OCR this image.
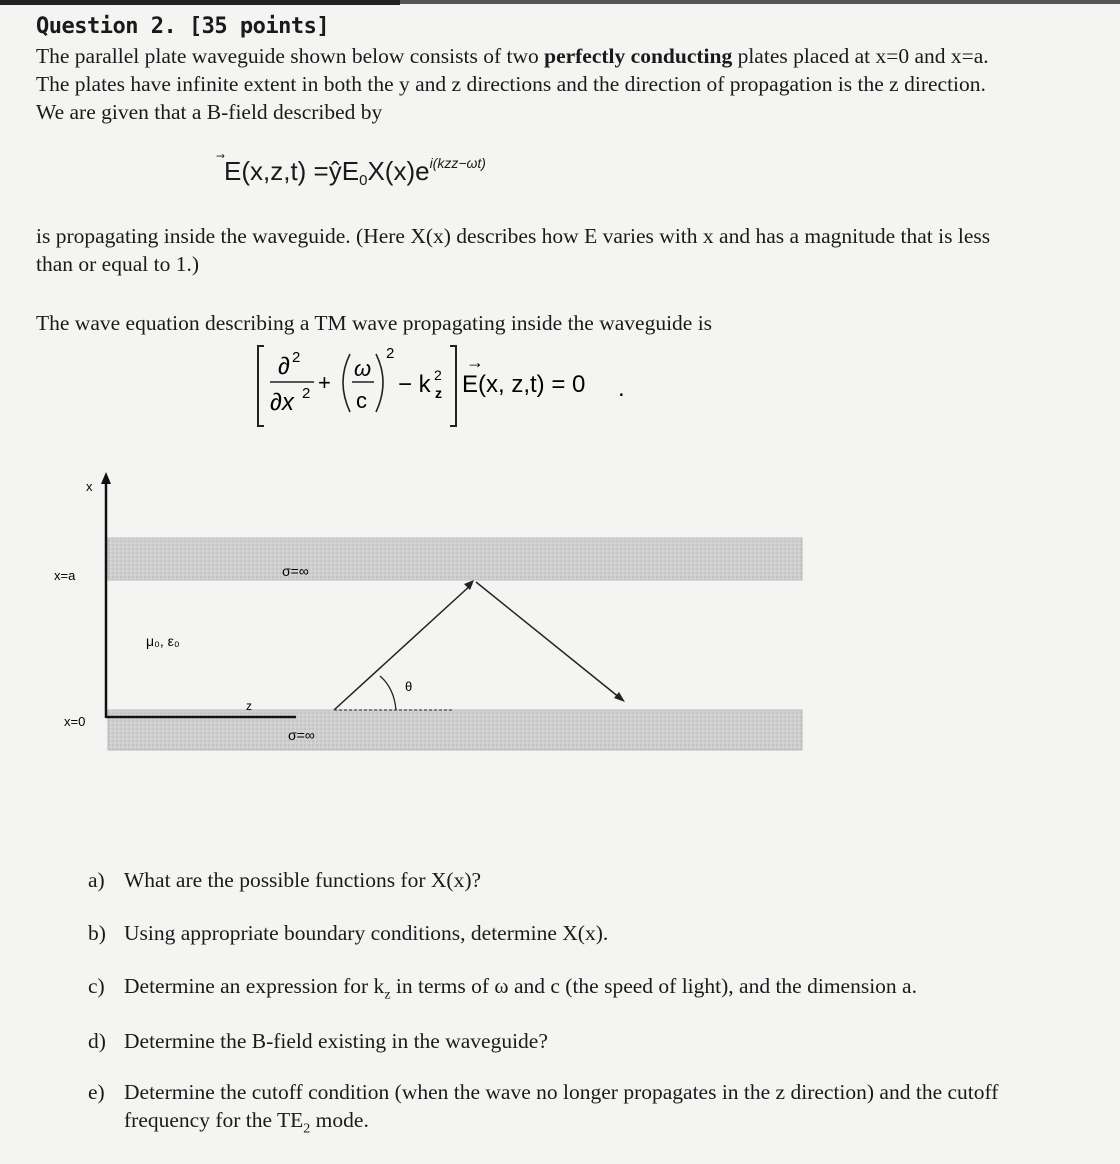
Question 2. [35 points]
The parallel plate waveguide shown below consists of two perfectly conducting plates placed at x=0 and x=a.
The plates have infinite extent in both the y and z directions and the direction of propagation is the z direction.
We are given that a B-field described by
$E(x,z,t) =ŷE_0X(x)e^{i(kzz-\omega t)}$
is propagating inside the waveguide. (Here X(x) describes how E varies with x and has a magnitude that is less
than or equal to 1.)
The wave equation describing a TM wave propagating inside the waveguide is
∂ 2
∂x 2 +
ω
c
2
− k 2
z
→
E(x, z,t) = 0 .
x
z
x=a
x=0
σ=∞
σ=∞
μ₀, ε₀
θ
a) What are the possible functions for X(x)?
b) Using appropriate boundary conditions, determine X(x).
c) Determine an expression for $k_z$ in terms of ω and c (the speed of light), and the dimension a.
d) Determine the B-field existing in the waveguide?
e) Determine the cutoff condition (when the wave no longer propagates in the z direction) and the cutoff
frequency for the $TE_2$ mode.
